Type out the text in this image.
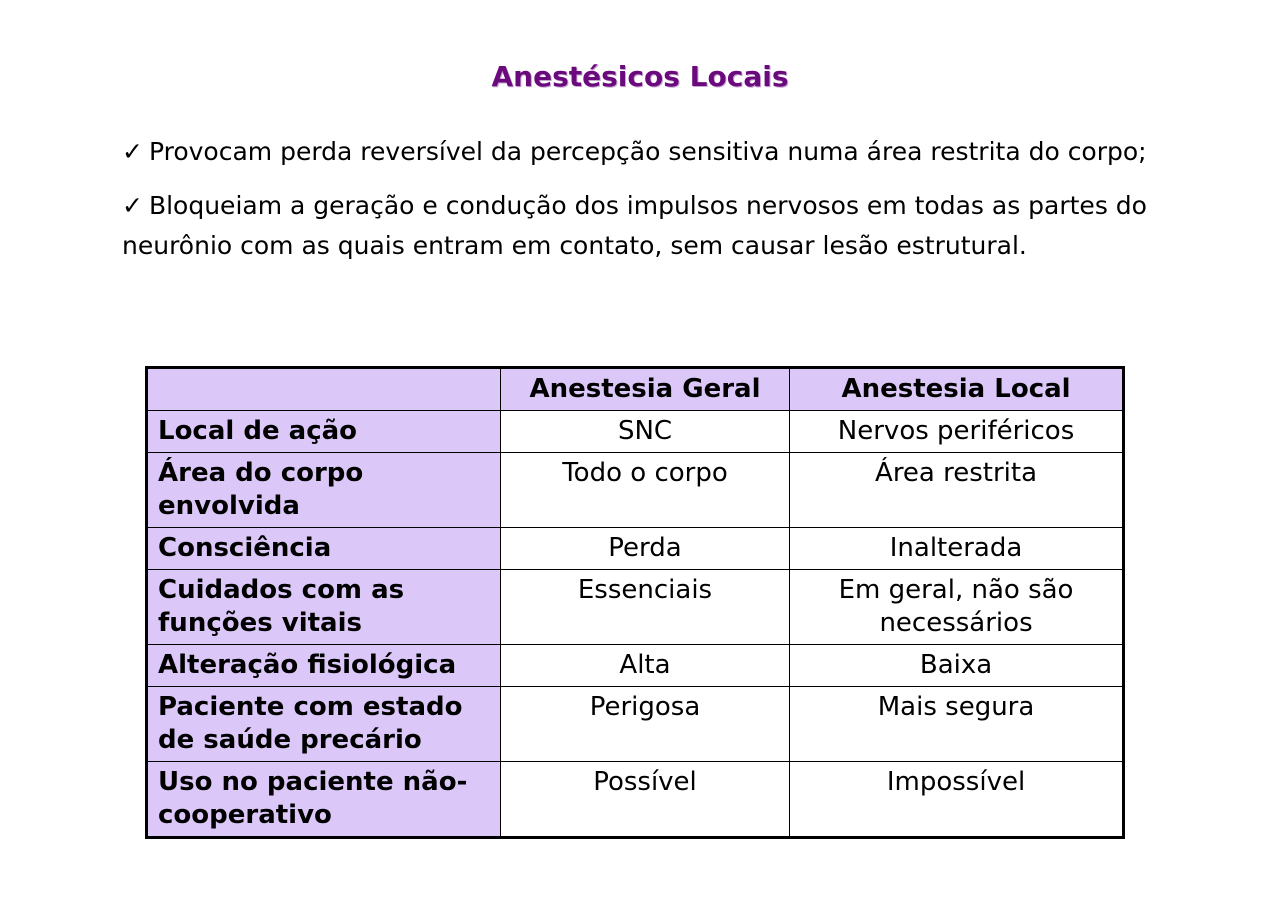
Anestésicos Locais

✓ Provocam perda reversível da percepção sensitiva numa área restrita do corpo;

✓ Bloqueiam a geração e condução dos impulsos nervosos em todas as partes do neurônio com as quais entram em contato, sem causar lesão estrutural.

	Anestesia Geral	Anestesia Local
Local de ação	SNC	Nervos periféricos
Área do corpo envolvida	Todo o corpo	Área restrita
Consciência	Perda	Inalterada
Cuidados com as funções vitais	Essenciais	Em geral, não são necessários
Alteração fisiológica	Alta	Baixa
Paciente com estado de saúde precário	Perigosa	Mais segura
Uso no paciente não-cooperativo	Possível	Impossível
